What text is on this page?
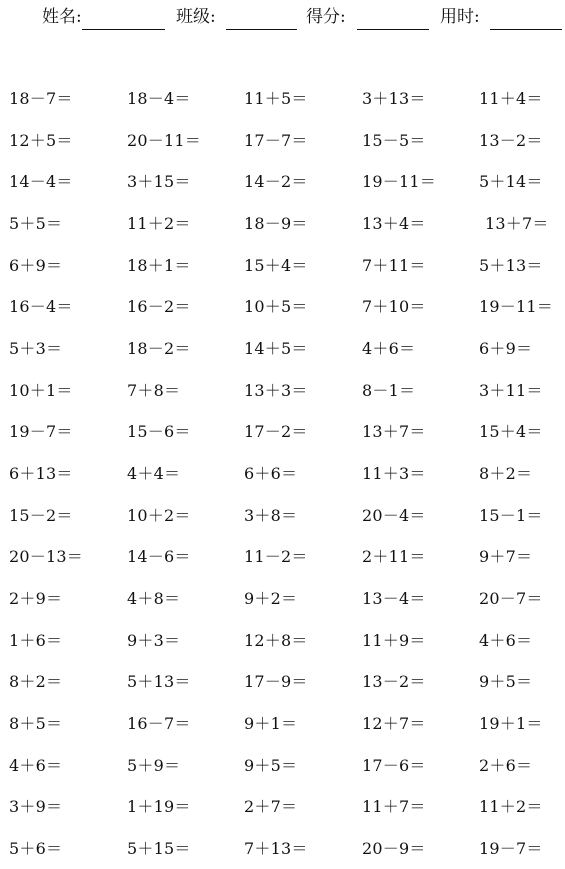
姓名:	班级:	得分:	用时:
18－7＝	18－4＝	11＋5＝	3＋13＝	11＋4＝
12＋5＝	20－11＝	17－7＝	15－5＝	13－2＝
14－4＝	3＋15＝	14－2＝	19－11＝	5＋14＝
5＋5＝	11＋2＝	18－9＝	13＋4＝	13＋7＝
6＋9＝	18＋1＝	15＋4＝	7＋11＝	5＋13＝
16－4＝	16－2＝	10＋5＝	7＋10＝	19－11＝
5＋3＝	18－2＝	14＋5＝	4＋6＝	6＋9＝
10＋1＝	7＋8＝	13＋3＝	8－1＝	3＋11＝
19－7＝	15－6＝	17－2＝	13＋7＝	15＋4＝
6＋13＝	4＋4＝	6＋6＝	11＋3＝	8＋2＝
15－2＝	10＋2＝	3＋8＝	20－4＝	15－1＝
20－13＝	14－6＝	11－2＝	2＋11＝	9＋7＝
2＋9＝	4＋8＝	9＋2＝	13－4＝	20－7＝
1＋6＝	9＋3＝	12＋8＝	11＋9＝	4＋6＝
8＋2＝	5＋13＝	17－9＝	13－2＝	9＋5＝
8＋5＝	16－7＝	9＋1＝	12＋7＝	19＋1＝
4＋6＝	5＋9＝	9＋5＝	17－6＝	2＋6＝
3＋9＝	1＋19＝	2＋7＝	11＋7＝	11＋2＝
5＋6＝	5＋15＝	7＋13＝	20－9＝	19－7＝
